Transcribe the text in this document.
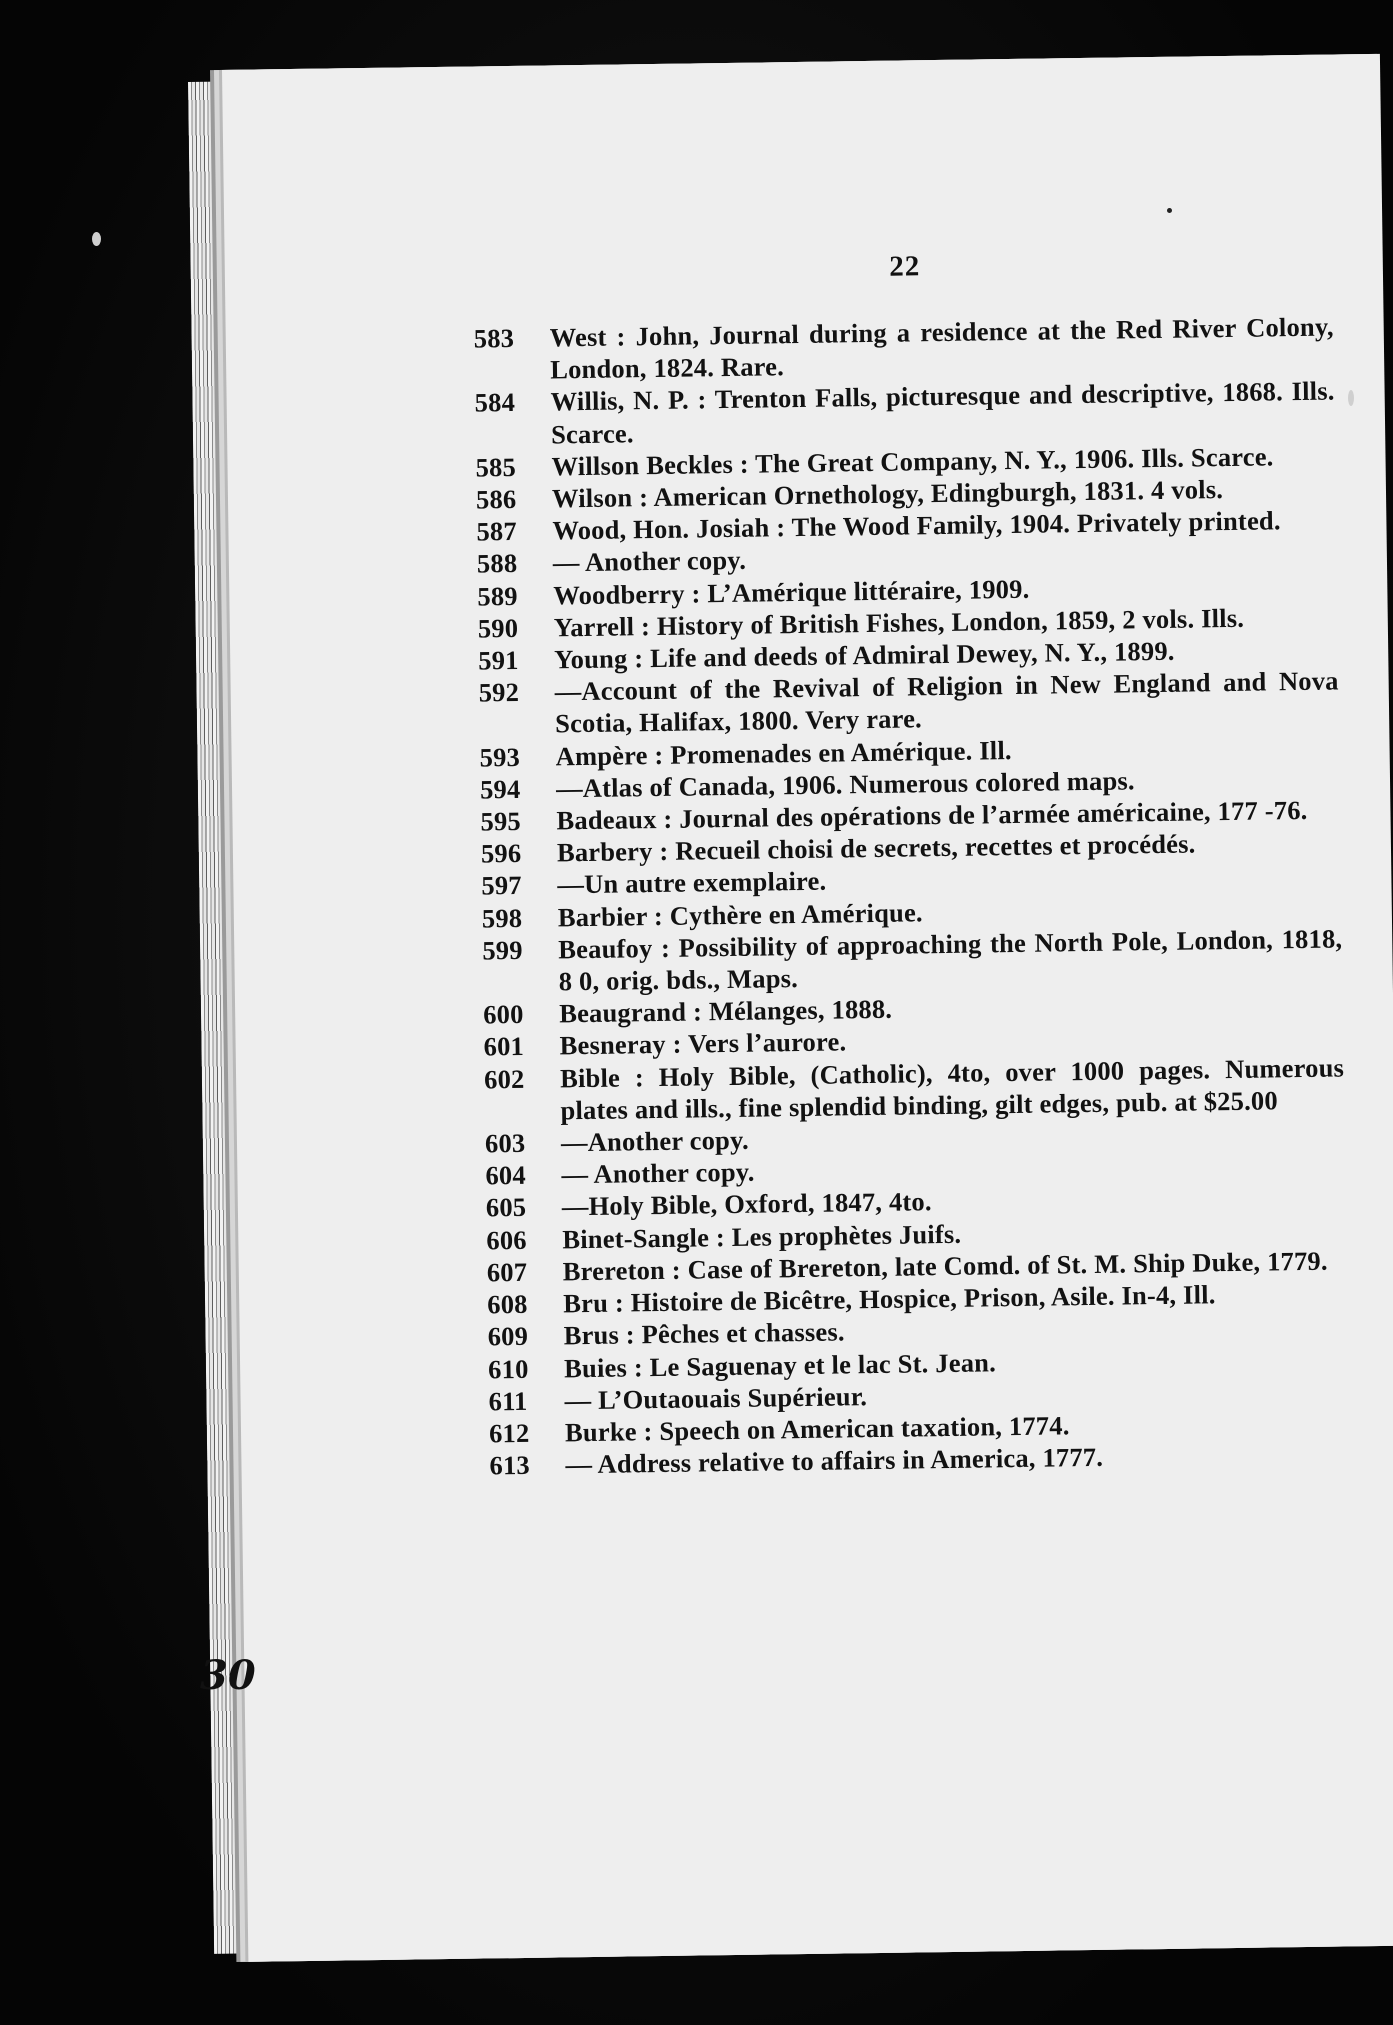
22
583	West : John, Journal during a residence at the Red River Colony, London, 1824. Rare.
584	Willis, N. P. : Trenton Falls, picturesque and descriptive, 1868. Ills. Scarce.
585	Willson Beckles : The Great Company, N. Y., 1906. Ills. Scarce.
586	Wilson : American Ornethology, Edingburgh, 1831. 4 vols.
587	Wood, Hon. Josiah : The Wood Family, 1904. Privately printed.
588	— Another copy.
589	Woodberry : L’Amérique littéraire, 1909.
590	Yarrell : History of British Fishes, London, 1859, 2 vols. Ills.
591	Young : Life and deeds of Admiral Dewey, N. Y., 1899.
592	—Account of the Revival of Religion in New England and Nova Scotia, Halifax, 1800. Very rare.
593	Ampère : Promenades en Amérique. Ill.
594	—Atlas of Canada, 1906. Numerous colored maps.
595	Badeaux : Journal des opérations de l’armée américaine, 177 -76.
596	Barbery : Recueil choisi de secrets, recettes et procédés.
597	—Un autre exemplaire.
598	Barbier : Cythère en Amérique.
599	Beaufoy : Possibility of approaching the North Pole, London, 1818, 8 0, orig. bds., Maps.
600	Beaugrand : Mélanges, 1888.
601	Besneray : Vers l’aurore.
602	Bible : Holy Bible, (Catholic), 4to, over 1000 pages. Numerous plates and ills., fine splendid binding, gilt edges, pub. at $25.00
603	—Another copy.
604	— Another copy.
605	—Holy Bible, Oxford, 1847, 4to.
606	Binet-Sangle : Les prophètes Juifs.
607	Brereton : Case of Brereton, late Comd. of St. M. Ship Duke, 1779.
608	Bru : Histoire de Bicêtre, Hospice, Prison, Asile. In-4, Ill.
609	Brus : Pêches et chasses.
610	Buies : Le Saguenay et le lac St. Jean.
611	— L’Outaouais Supérieur.
612	Burke : Speech on American taxation, 1774.
613	— Address relative to affairs in America, 1777.
30
